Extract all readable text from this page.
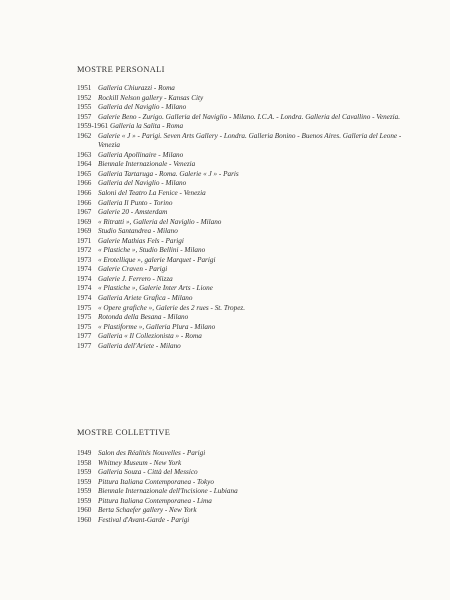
MOSTRE PERSONALI
1951 Galleria Chiurazzi - Roma
1952 Rockill Nelson gallery - Kansas City
1955 Galleria del Naviglio - Milano
1957 Galerie Beno - Zurigo. Galleria del Naviglio - Milano. I.C.A. - Londra. Galleria del Cavallino - Venezia.
1959-1961 Galleria la Salita - Roma
1962 Galerie « J » - Parigi. Seven Arts Gallery - Londra. Galleria Bonino - Buenos Aires. Galleria del Leone - Venezia
1963 Galleria Apollinaire - Milano
1964 Biennale Internazionale - Venezia
1965 Galleria Tartaruga - Roma. Galerie « J » - Paris
1966 Galleria del Naviglio - Milano
1966 Saloni del Teatro La Fenice - Venezia
1966 Galleria Il Punto - Torino
1967 Galerie 20 - Amsterdam
1969 « Ritratti », Galleria del Naviglio - Milano
1969 Studio Santandrea - Milano
1971 Galerie Mathias Fels - Parigi
1972 « Plastiche », Studio Bellini - Milano
1973 « Erotellique », galerie Marquet - Parigi
1974 Galerie Craven - Parigi
1974 Galerie J. Ferrero - Nizza
1974 « Plastiche », Galerie Inter Arts - Lione
1974 Galleria Ariete Grafica - Milano
1975 « Opere grafiche », Galerie des 2 rues - St. Tropez.
1975 Rotonda della Besana - Milano
1975 « Plastiforme », Galleria Plura - Milano
1977 Galleria « Il Collezionista » - Roma
1977 Galleria dell'Ariete - Milano
MOSTRE COLLETTIVE
1949 Salon des Réalités Nouvelles - Parigi
1958 Whitney Museum - New York
1959 Galleria Souza - Città del Messico
1959 Pittura Italiana Contemporanea - Tokyo
1959 Biennale Internazionale dell'Incisione - Lubiana
1959 Pittura Italiana Contemporanea - Lima
1960 Berta Schaefer gallery - New York
1960 Festival d'Avant-Garde - Parigi
